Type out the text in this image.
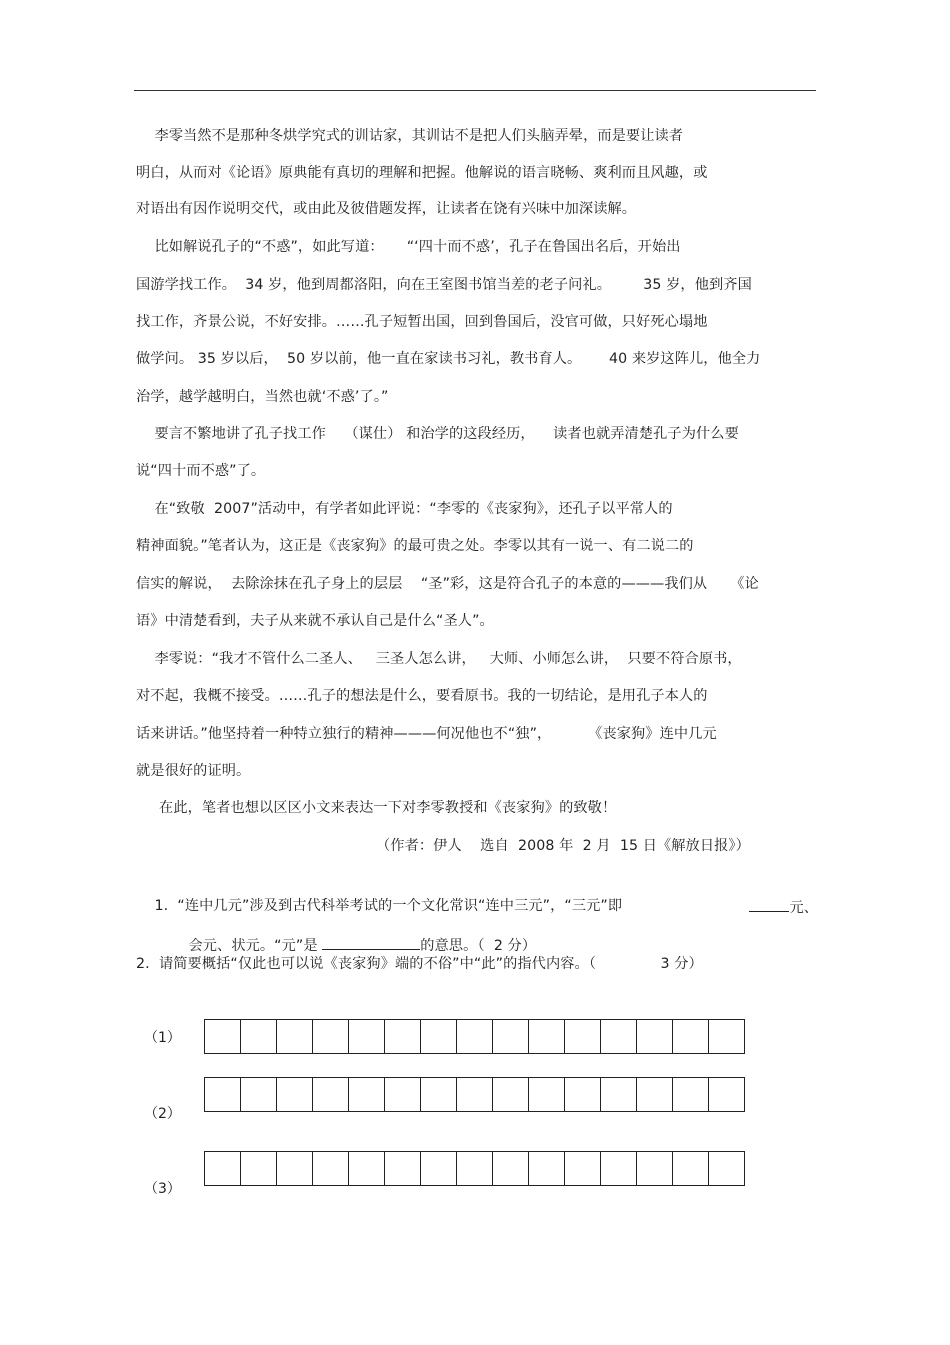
李零当然不是那种冬烘学究式的训诂家，其训诂不是把人们头脑弄晕，而是要让读者
明白，从而对《论语》原典能有真切的理解和把握。他解说的语言晓畅、爽利而且风趣，或
对语出有因作说明交代，或由此及彼借题发挥，让读者在饶有兴味中加深读解。
比如解说孔子的“不惑”，如此写道：     “‘四十而不惑’，孔子在鲁国出名后，开始出
国游学找工作。  34 岁，他到周都洛阳，向在王室图书馆当差的老子问礼。       35 岁，他到齐国
找工作，齐景公说，不好安排。……孔子短暂出国，回到鲁国后，没官可做，只好死心塌地
做学问。 35 岁以后，  50 岁以前，他一直在家读书习礼，教书育人。      40 来岁这阵儿，他全力
治学，越学越明白，当然也就‘不惑’了。”
要言不繁地讲了孔子找工作    （谋仕） 和治学的这段经历，    读者也就弄清楚孔子为什么要
说“四十而不惑”了。
在“致敬  2007”活动中，有学者如此评说：“李零的《丧家狗》，还孔子以平常人的
精神面貌。”笔者认为，这正是《丧家狗》的最可贵之处。李零以其有一说一、有二说二的
信实的解说，  去除涂抹在孔子身上的层层    “圣”彩，这是符合孔子的本意的———我们从     《论
语》中清楚看到，夫子从来就不承认自己是什么“圣人”。
李零说：“我才不管什么二圣人、   三圣人怎么讲，   大师、小师怎么讲，  只要不符合原书，
对不起，我概不接受。……孔子的想法是什么，要看原书。我的一切结论，是用孔子本人的
话来讲话。”他坚持着一种特立独行的精神———何况他也不“独”，        《丧家狗》连中几元
就是很好的证明。
在此，笔者也想以区区小文来表达一下对李零教授和《丧家狗》的致敬！
（作者：伊人    选自  2008 年  2 月  15 日《解放日报》）

1.  “连中几元”涉及到古代科举考试的一个文化常识“连中三元”，“三元”即
	元、

会元、状元。“元”是	的意思。（  2 分）

2.  请简要概括“仅此也可以说《丧家狗》端的不俗”中“此”的指代内容。（              3 分）
（1）
（2）
（3）
